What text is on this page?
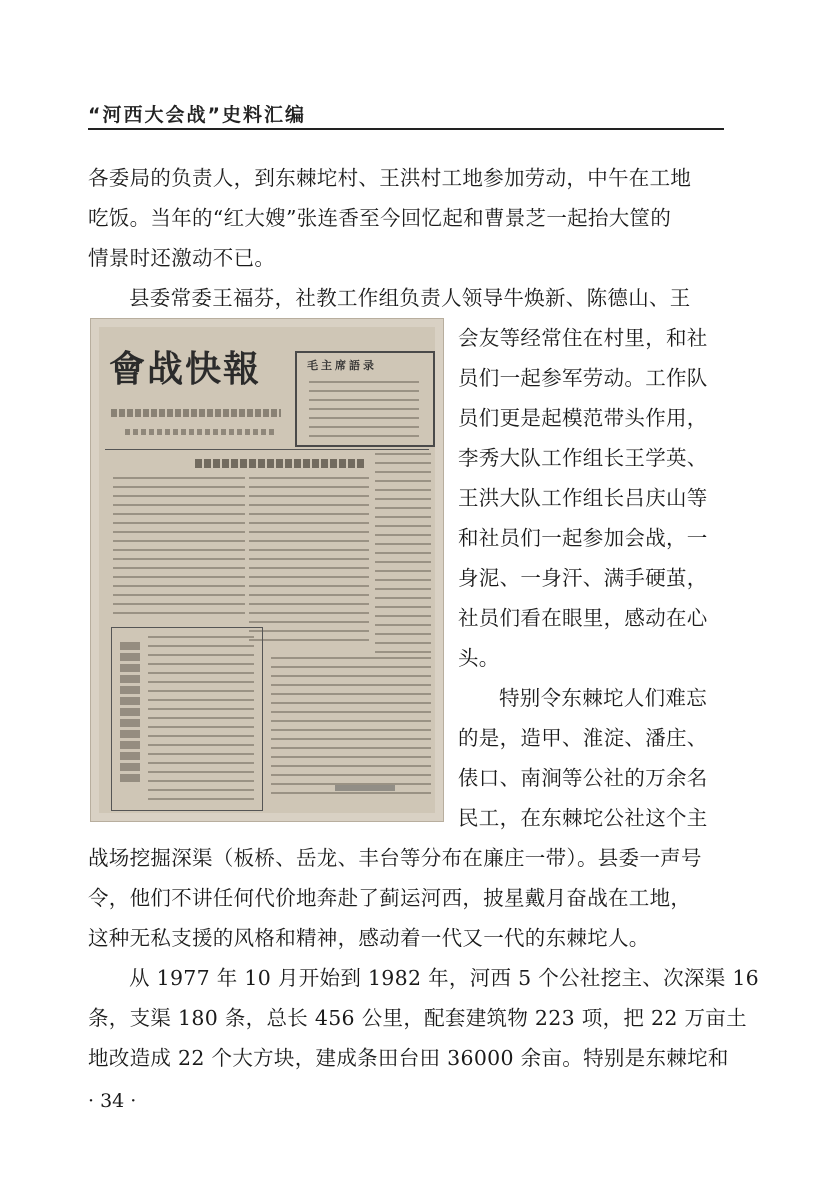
“河西大会战”史料汇编
各委局的负责人，到东棘坨村、王洪村工地参加劳动，中午在工地
吃饭。当年的“红大嫂”张连香至今回忆起和曹景芝一起抬大筐的
情景时还激动不已。
县委常委王福芬，社教工作组负责人领导牛焕新、陈德山、王
會战快報	毛主席語录
会友等经常住在村里，和社
员们一起参军劳动。工作队
员们更是起模范带头作用，
李秀大队工作组长王学英、
王洪大队工作组长吕庆山等
和社员们一起参加会战，一
身泥、一身汗、满手硬茧，
社员们看在眼里，感动在心
头。
特别令东棘坨人们难忘
的是，造甲、淮淀、潘庄、
俵口、南涧等公社的万余名
民工，在东棘坨公社这个主
战场挖掘深渠（板桥、岳龙、丰台等分布在廉庄一带）。县委一声号
令，他们不讲任何代价地奔赴了蓟运河西，披星戴月奋战在工地，
这种无私支援的风格和精神，感动着一代又一代的东棘坨人。
从 1977 年 10 月开始到 1982 年，河西 5 个公社挖主、次深渠 16
条，支渠 180 条，总长 456 公里，配套建筑物 223 项，把 22 万亩土
地改造成 22 个大方块，建成条田台田 36000 余亩。特别是东棘坨和
· 34 ·
